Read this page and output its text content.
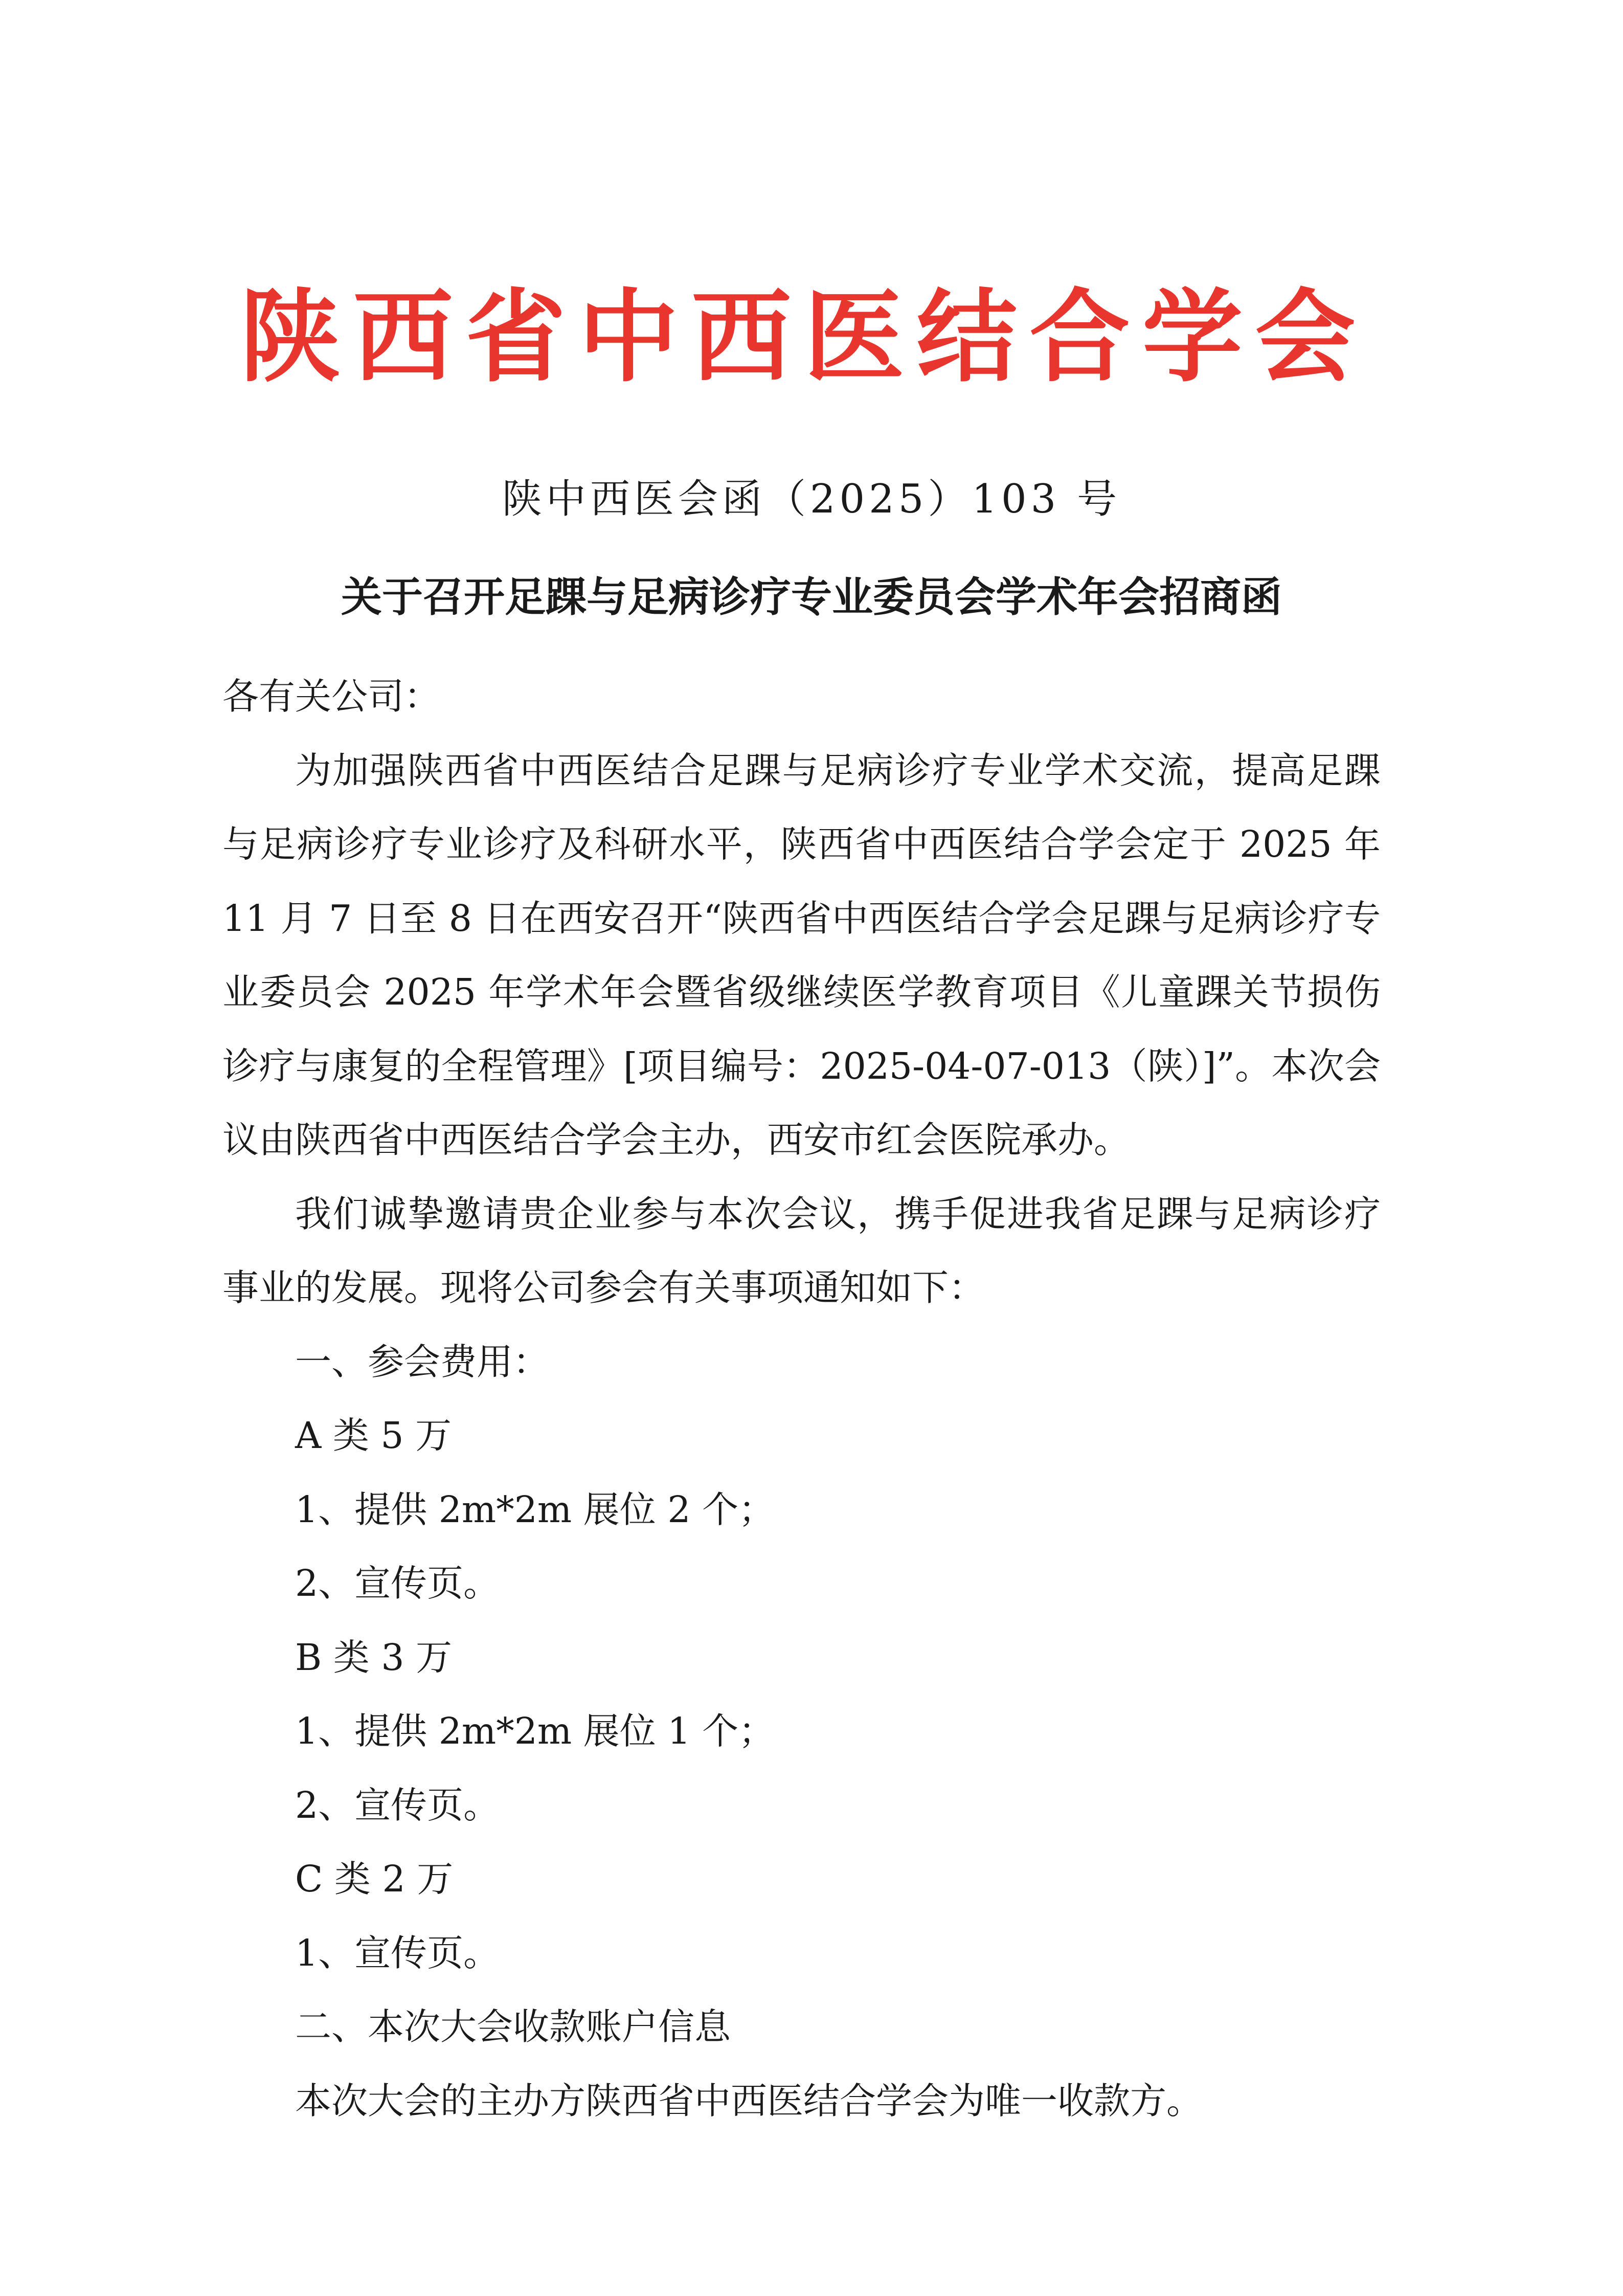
陕 西 省 中 西 医 结 合 学 会
陕中西医会函（2025）103 号
关于召开足踝与足病诊疗专业委员会学术年会招商函

各有关公司：

为加强陕西省中西医结合足踝与足病诊疗专业学术交流，提高足踝与足病诊疗专业诊疗及科研水平，陕西省中西医结合学会定于 2025 年 11 月 7 日至 8 日在西安召开“陕西省中西医结合学会足踝与足病诊疗专业委员会 2025 年学术年会暨省级继续医学教育项目《儿童踝关节损伤诊疗与康复的全程管理》[项目编号：2025-04-07-013（陕）]”。本次会议由陕西省中西医结合学会主办，西安市红会医院承办。

我们诚挚邀请贵企业参与本次会议，携手促进我省足踝与足病诊疗事业的发展。现将公司参会有关事项通知如下：

一、参会费用：

A 类 5 万

1、提供 2m*2m 展位 2 个；

2、宣传页。

B 类 3 万

1、提供 2m*2m 展位 1 个；

2、宣传页。

C 类 2 万

1、宣传页。

二、本次大会收款账户信息

本次大会的主办方陕西省中西医结合学会为唯一收款方。
